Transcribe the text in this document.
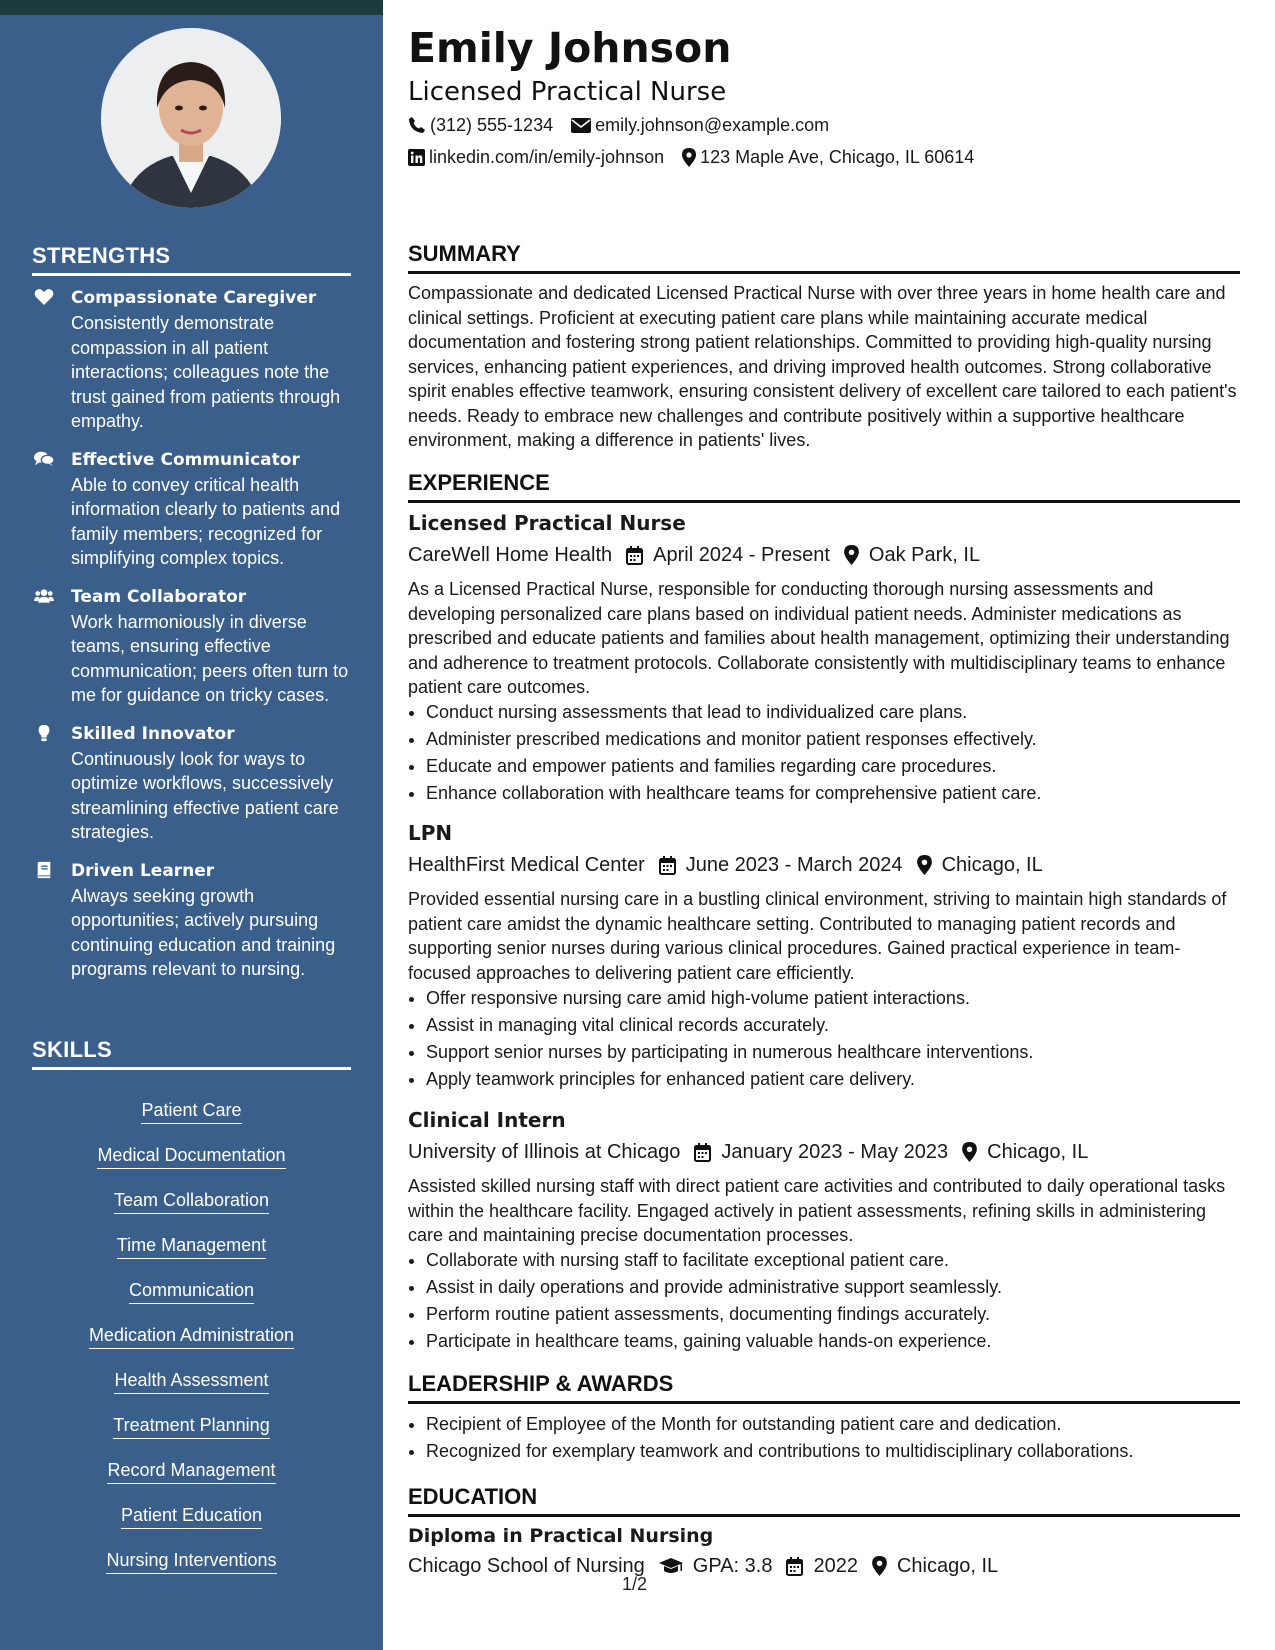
STRENGTHS
Compassionate Caregiver
Consistently demonstrate compassion in all patient interactions; colleagues note the trust gained from patients through empathy.
Effective Communicator
Able to convey critical health information clearly to patients and family members; recognized for simplifying complex topics.
Team Collaborator
Work harmoniously in diverse teams, ensuring effective communication; peers often turn to me for guidance on tricky cases.
Skilled Innovator
Continuously look for ways to optimize workflows, successively streamlining effective patient care strategies.
Driven Learner
Always seeking growth opportunities; actively pursuing continuing education and training programs relevant to nursing.
SKILLS
Patient Care
Medical Documentation
Team Collaboration
Time Management
Communication
Medication Administration
Health Assessment
Treatment Planning
Record Management
Patient Education
Nursing Interventions
Emily Johnson
Licensed Practical Nurse
(312) 555-1234 emily.johnson@example.com
linkedin.com/in/emily-johnson 123 Maple Ave, Chicago, IL 60614
SUMMARY
Compassionate and dedicated Licensed Practical Nurse with over three years in home health care and clinical settings. Proficient at executing patient care plans while maintaining accurate medical documentation and fostering strong patient relationships. Committed to providing high-quality nursing services, enhancing patient experiences, and driving improved health outcomes. Strong collaborative spirit enables effective teamwork, ensuring consistent delivery of excellent care tailored to each patient's needs. Ready to embrace new challenges and contribute positively within a supportive healthcare environment, making a difference in patients' lives.
EXPERIENCE
Licensed Practical Nurse
CareWell Home Health April 2024 - Present Oak Park, IL
As a Licensed Practical Nurse, responsible for conducting thorough nursing assessments and developing personalized care plans based on individual patient needs. Administer medications as prescribed and educate patients and families about health management, optimizing their understanding and adherence to treatment protocols. Collaborate consistently with multidisciplinary teams to enhance patient care outcomes.
• Conduct nursing assessments that lead to individualized care plans.
• Administer prescribed medications and monitor patient responses effectively.
• Educate and empower patients and families regarding care procedures.
• Enhance collaboration with healthcare teams for comprehensive patient care.
LPN
HealthFirst Medical Center June 2023 - March 2024 Chicago, IL
Provided essential nursing care in a bustling clinical environment, striving to maintain high standards of patient care amidst the dynamic healthcare setting. Contributed to managing patient records and supporting senior nurses during various clinical procedures. Gained practical experience in team-focused approaches to delivering patient care efficiently.
• Offer responsive nursing care amid high-volume patient interactions.
• Assist in managing vital clinical records accurately.
• Support senior nurses by participating in numerous healthcare interventions.
• Apply teamwork principles for enhanced patient care delivery.
Clinical Intern
University of Illinois at Chicago January 2023 - May 2023 Chicago, IL
Assisted skilled nursing staff with direct patient care activities and contributed to daily operational tasks within the healthcare facility. Engaged actively in patient assessments, refining skills in administering care and maintaining precise documentation processes.
• Collaborate with nursing staff to facilitate exceptional patient care.
• Assist in daily operations and provide administrative support seamlessly.
• Perform routine patient assessments, documenting findings accurately.
• Participate in healthcare teams, gaining valuable hands-on experience.
LEADERSHIP & AWARDS
• Recipient of Employee of the Month for outstanding patient care and dedication.
• Recognized for exemplary teamwork and contributions to multidisciplinary collaborations.
EDUCATION
Diploma in Practical Nursing
Chicago School of Nursing GPA: 3.8 2022 Chicago, IL
1/2
